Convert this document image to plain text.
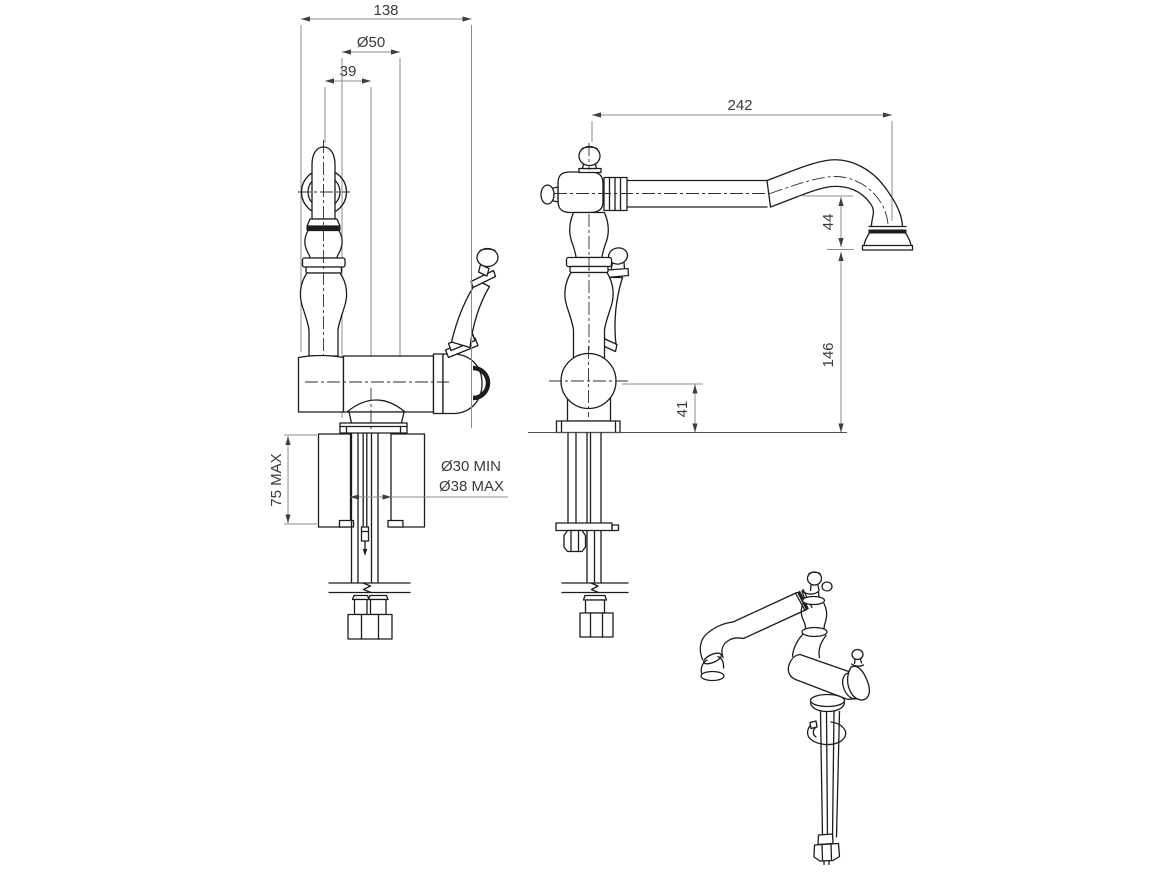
138
Ø50
39
75 MAX
242
44
146
41
Ø30 MIN
Ø38 MAX
